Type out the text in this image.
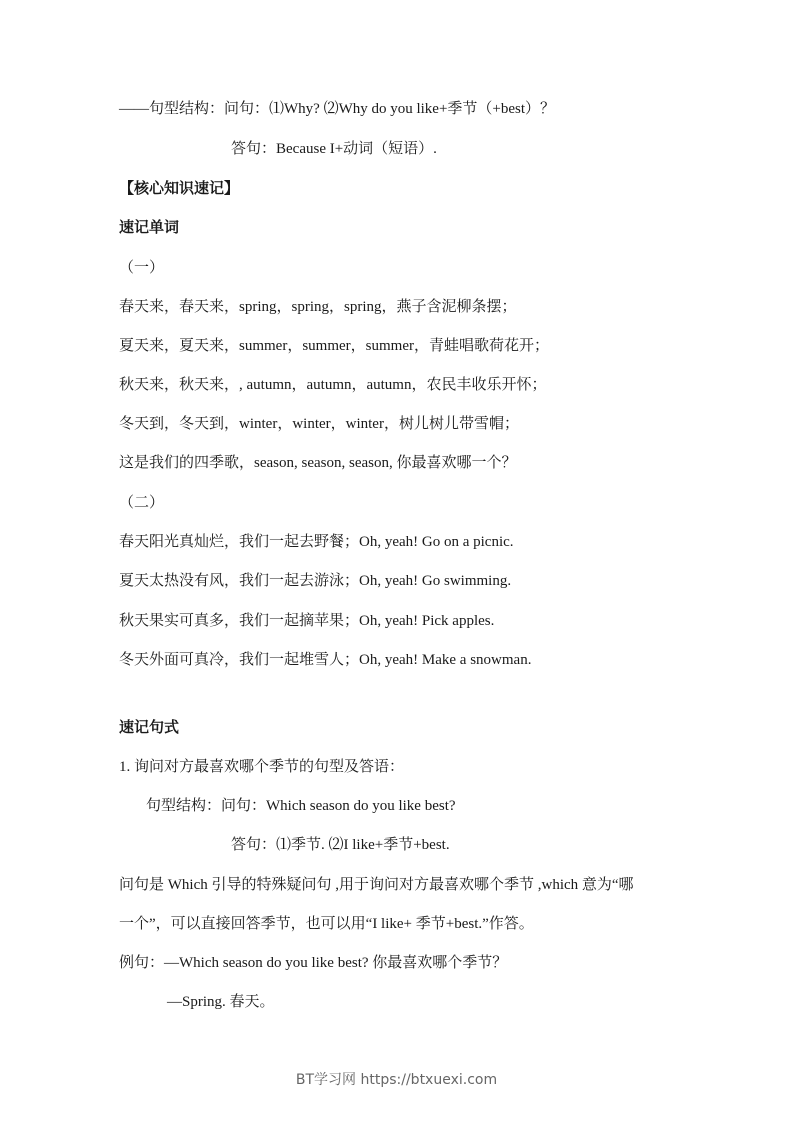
——句型结构：问句：⑴Why? ⑵Why do you like+季节（+best）？
答句：Because I+动词（短语）.
【核心知识速记】
速记单词
（一）
春天来，春天来，spring，spring，spring，燕子含泥柳条摆；
夏天来，夏天来，summer，summer，summer，青蛙唱歌荷花开；
秋天来，秋天来，, autumn，autumn，autumn，农民丰收乐开怀；
冬天到，冬天到，winter，winter，winter，树儿树儿带雪帽；
这是我们的四季歌，season, season, season, 你最喜欢哪一个？
（二）
春天阳光真灿烂，我们一起去野餐；Oh, yeah! Go on a picnic.
夏天太热没有风，我们一起去游泳；Oh, yeah! Go swimming.
秋天果实可真多，我们一起摘苹果；Oh, yeah! Pick apples.
冬天外面可真冷，我们一起堆雪人；Oh, yeah! Make a snowman.
速记句式
1. 询问对方最喜欢哪个季节的句型及答语：
句型结构：问句：Which season do you like best?
答句：⑴季节. ⑵I like+季节+best.
问句是 Which 引导的特殊疑问句 ,用于询问对方最喜欢哪个季节 ,which 意为“哪
一个”，可以直接回答季节，也可以用“I like+ 季节+best.”作答。
例句：—Which season do you like best? 你最喜欢哪个季节？
—Spring. 春天。
BT学习网 https://btxuexi.com
